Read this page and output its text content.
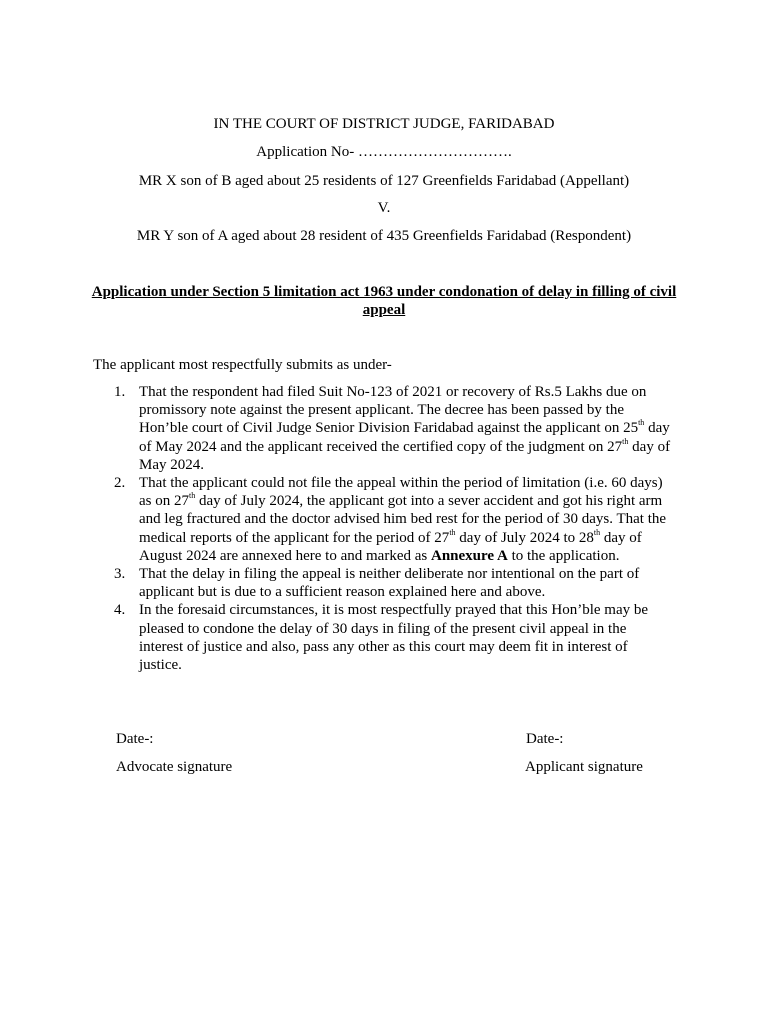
IN THE COURT OF DISTRICT JUDGE, FARIDABAD
Application No- ………………………….
MR X son of B aged about 25 residents of 127 Greenfields Faridabad (Appellant)
V.
MR Y son of A aged about 28 resident of 435 Greenfields Faridabad (Respondent)
Application under Section 5 limitation act 1963 under condonation of delay in filling of civil appeal
The applicant most respectfully submits as under-
1. That the respondent had filed Suit No-123 of 2021 or recovery of Rs.5 Lakhs due on promissory note against the present applicant. The decree has been passed by the Hon’ble court of Civil Judge Senior Division Faridabad against the applicant on 25th day of May 2024 and the applicant received the certified copy of the judgment on 27th day of May 2024.
2. That the applicant could not file the appeal within the period of limitation (i.e. 60 days) as on 27th day of July 2024, the applicant got into a sever accident and got his right arm and leg fractured and the doctor advised him bed rest for the period of 30 days. That the medical reports of the applicant for the period of 27th day of July 2024 to 28th day of August 2024 are annexed here to and marked as Annexure A to the application.
3. That the delay in filing the appeal is neither deliberate nor intentional on the part of applicant but is due to a sufficient reason explained here and above.
4. In the foresaid circumstances, it is most respectfully prayed that this Hon’ble may be pleased to condone the delay of 30 days in filing of the present civil appeal in the interest of justice and also, pass any other as this court may deem fit in interest of justice.
Date-:
Advocate signature
Date-:
Applicant signature
